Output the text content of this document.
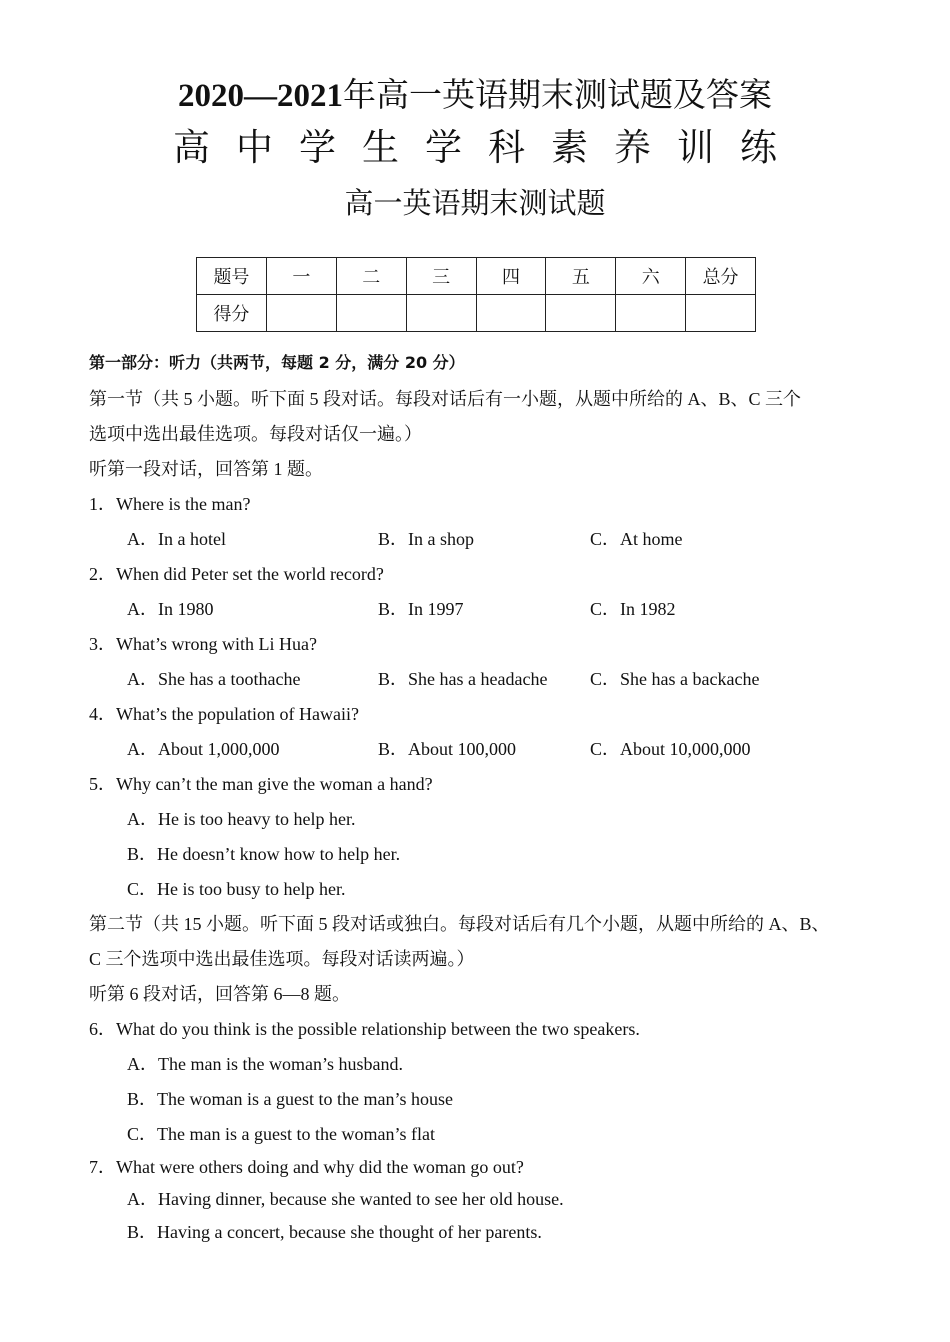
2020—2021年高一英语期末测试题及答案
高中学生学科素养训练
高一英语期末测试题
题号	一	二	三	四	五	六	总分
得分							
第一部分：听力（共两节，每题 2 分，满分 20 分）
第一节（共 5 小题。听下面 5 段对话。每段对话后有一小题，从题中所给的 A、B、C 三个
选项中选出最佳选项。每段对话仅一遍。）
听第一段对话，回答第 1 题。
1．Where is the man?
A．In a hotel	B．In a shop	C．At home
2．When did Peter set the world record?
A．In 1980	B．In 1997	C．In 1982
3．What’s wrong with Li Hua?
A．She has a toothache	B．She has a headache C．She has a backache
4．What’s the population of Hawaii?
A．About 1,000,000	B．About 100,000	C．About 10,000,000
5．Why can’t the man give the woman a hand?
A．He is too heavy to help her.
B．He doesn’t know how to help her.
C．He is too busy to help her.
第二节（共 15 小题。听下面 5 段对话或独白。每段对话后有几个小题，从题中所给的 A、B、
C 三个选项中选出最佳选项。每段对话读两遍。）
听第 6 段对话，回答第 6—8 题。
6．What do you think is the possible relationship between the two speakers.
A．The man is the woman’s husband.
B．The woman is a guest to the man’s house
C．The man is a guest to the woman’s flat
7．What were others doing and why did the woman go out?
A．Having dinner, because she wanted to see her old house.
B．Having a concert, because she thought of her parents.
